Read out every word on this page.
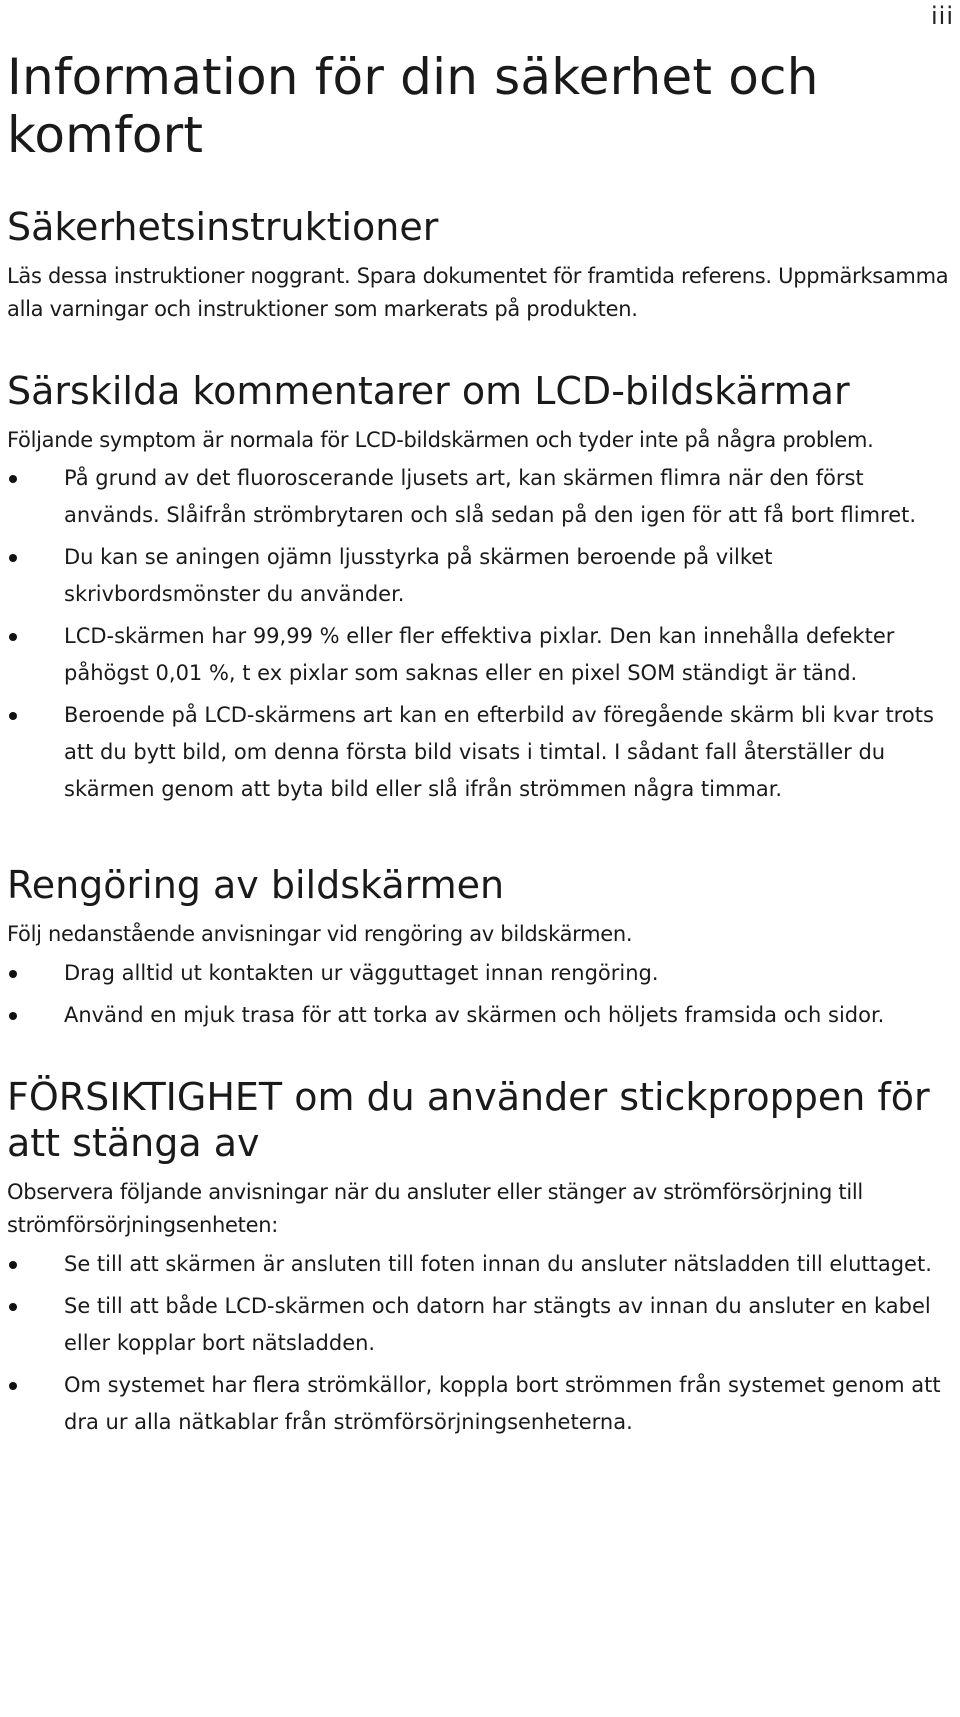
iii
Information för din säkerhet och komfort
Säkerhetsinstruktioner

Läs dessa instruktioner noggrant. Spara dokumentet för framtida referens. Uppmärksamma alla varningar och instruktioner som markerats på produkten.

Särskilda kommentarer om LCD-bildskärmar

Följande symptom är normala för LCD-bildskärmen och tyder inte på några problem.

På grund av det fluoroscerande ljusets art, kan skärmen flimra när den först används. Slåifrån strömbrytaren och slå sedan på den igen för att få bort flimret.
Du kan se aningen ojämn ljusstyrka på skärmen beroende på vilket skrivbordsmönster du använder.
LCD-skärmen har 99,99 % eller fler effektiva pixlar. Den kan innehålla defekter påhögst 0,01 %, t ex pixlar som saknas eller en pixel SOM ständigt är tänd.
Beroende på LCD-skärmens art kan en efterbild av föregående skärm bli kvar trots att du bytt bild, om denna första bild visats i timtal. I sådant fall återställer du skärmen genom att byta bild eller slå ifrån strömmen några timmar.
Rengöring av bildskärmen

Följ nedanstående anvisningar vid rengöring av bildskärmen.

Drag alltid ut kontakten ur vägguttaget innan rengöring.
Använd en mjuk trasa för att torka av skärmen och höljets framsida och sidor.
FÖRSIKTIGHET om du använder stickproppen för att stänga av

Observera följande anvisningar när du ansluter eller stänger av strömförsörjning till strömförsörjningsenheten:

Se till att skärmen är ansluten till foten innan du ansluter nätsladden till eluttaget.
Se till att både LCD-skärmen och datorn har stängts av innan du ansluter en kabel eller kopplar bort nätsladden.
Om systemet har flera strömkällor, koppla bort strömmen från systemet genom att dra ur alla nätkablar från strömförsörjningsenheterna.
